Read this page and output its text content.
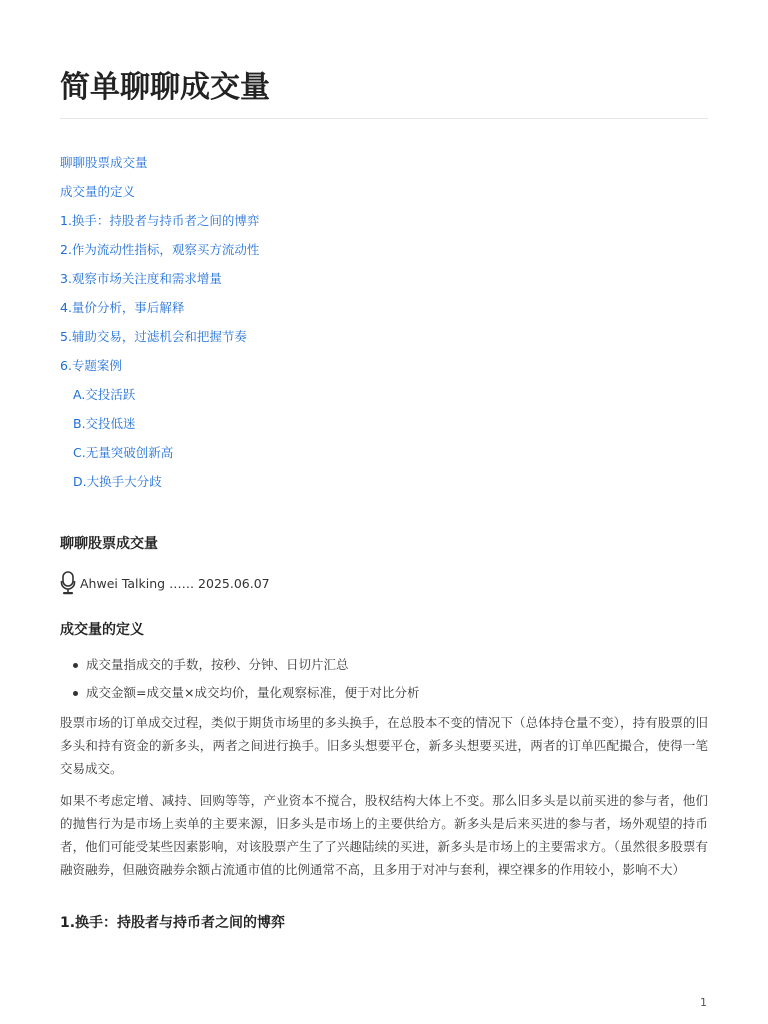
简单聊聊成交量
聊聊股票成交量
成交量的定义
1.换手：持股者与持币者之间的博弈
2.作为流动性指标，观察买方流动性
3.观察市场关注度和需求增量
4.量价分析，事后解释
5.辅助交易，过滤机会和把握节奏
6.专题案例
A.交投活跃
B.交投低迷
C.无量突破创新高
D.大换手大分歧
聊聊股票成交量
Ahwei Talking …… 2025.06.07
成交量的定义
成交量指成交的手数，按秒、分钟、日切片汇总
成交金额=成交量×成交均价，量化观察标准，便于对比分析

股票市场的订单成交过程，类似于期货市场里的多头换手，在总股本不变的情况下（总体持仓量不变），持有股票的旧多头和持有资金的新多头，两者之间进行换手。旧多头想要平仓，新多头想要买进，两者的订单匹配撮合，使得一笔交易成交。

如果不考虑定增、减持、回购等等，产业资本不搅合，股权结构大体上不变。那么旧多头是以前买进的参与者，他们的抛售行为是市场上卖单的主要来源，旧多头是市场上的主要供给方。新多头是后来买进的参与者，场外观望的持币者，他们可能受某些因素影响，对该股票产生了了兴趣陆续的买进，新多头是市场上的主要需求方。（虽然很多股票有融资融券，但融资融券余额占流通市值的比例通常不高，且多用于对冲与套利，裸空裸多的作用较小，影响不大）

1.换手：持股者与持币者之间的博弈
1
